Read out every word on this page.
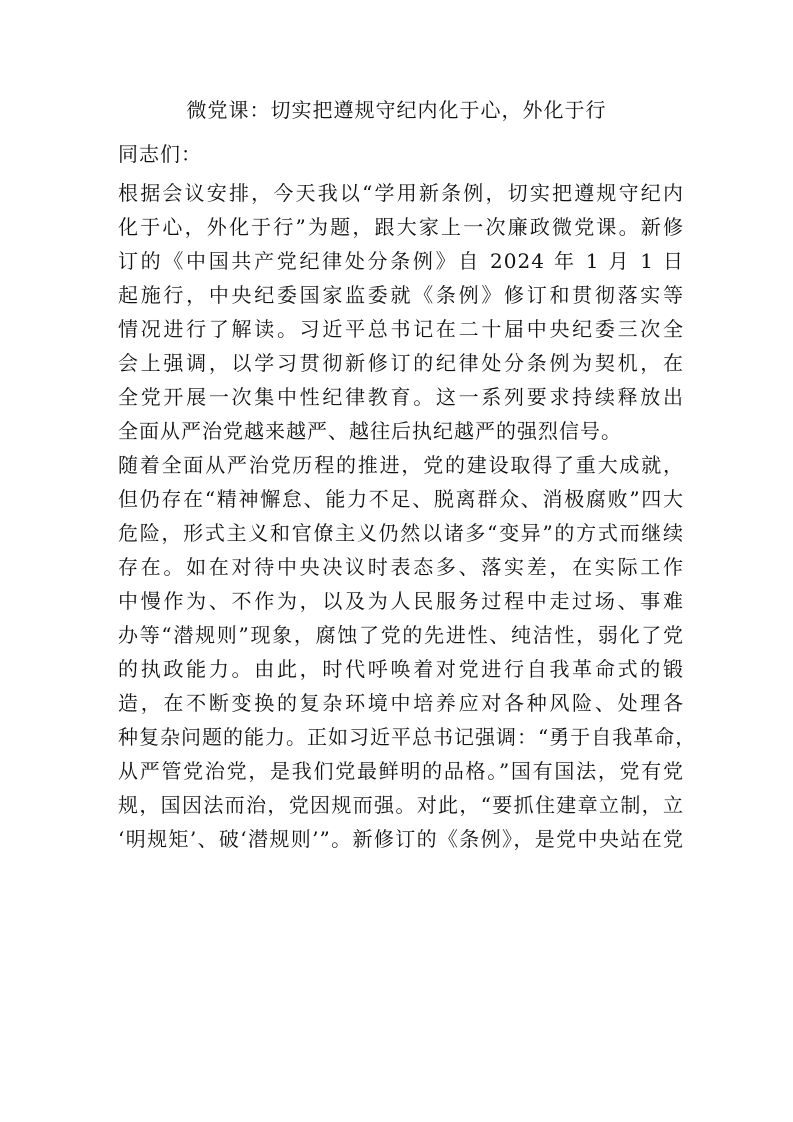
微党课：切实把遵规守纪内化于心，外化于行
同志们：
根据会议安排，今天我以“学用新条例，切实把遵规守纪内
化于心，外化于行”为题，跟大家上一次廉政微党课。新修
订的《中国共产党纪律处分条例》自 2024 年 1 月 1 日
起施行，中央纪委国家监委就《条例》修订和贯彻落实等
情况进行了解读。习近平总书记在二十届中央纪委三次全
会上强调，以学习贯彻新修订的纪律处分条例为契机，在
全党开展一次集中性纪律教育。这一系列要求持续释放出
全面从严治党越来越严、越往后执纪越严的强烈信号。
随着全面从严治党历程的推进，党的建设取得了重大成就，
但仍存在“精神懈怠、能力不足、脱离群众、消极腐败”四大
危险，形式主义和官僚主义仍然以诸多“变异”的方式而继续
存在。如在对待中央决议时表态多、落实差，在实际工作
中慢作为、不作为，以及为人民服务过程中走过场、事难
办等“潜规则”现象，腐蚀了党的先进性、纯洁性，弱化了党
的执政能力。由此，时代呼唤着对党进行自我革命式的锻
造，在不断变换的复杂环境中培养应对各种风险、处理各
种复杂问题的能力。正如习近平总书记强调：“勇于自我革命，
从严管党治党，是我们党最鲜明的品格。”国有国法，党有党
规，国因法而治，党因规而强。对此，“要抓住建章立制，立
‘明规矩’、破‘潜规则’”。新修订的《条例》，是党中央站在党
